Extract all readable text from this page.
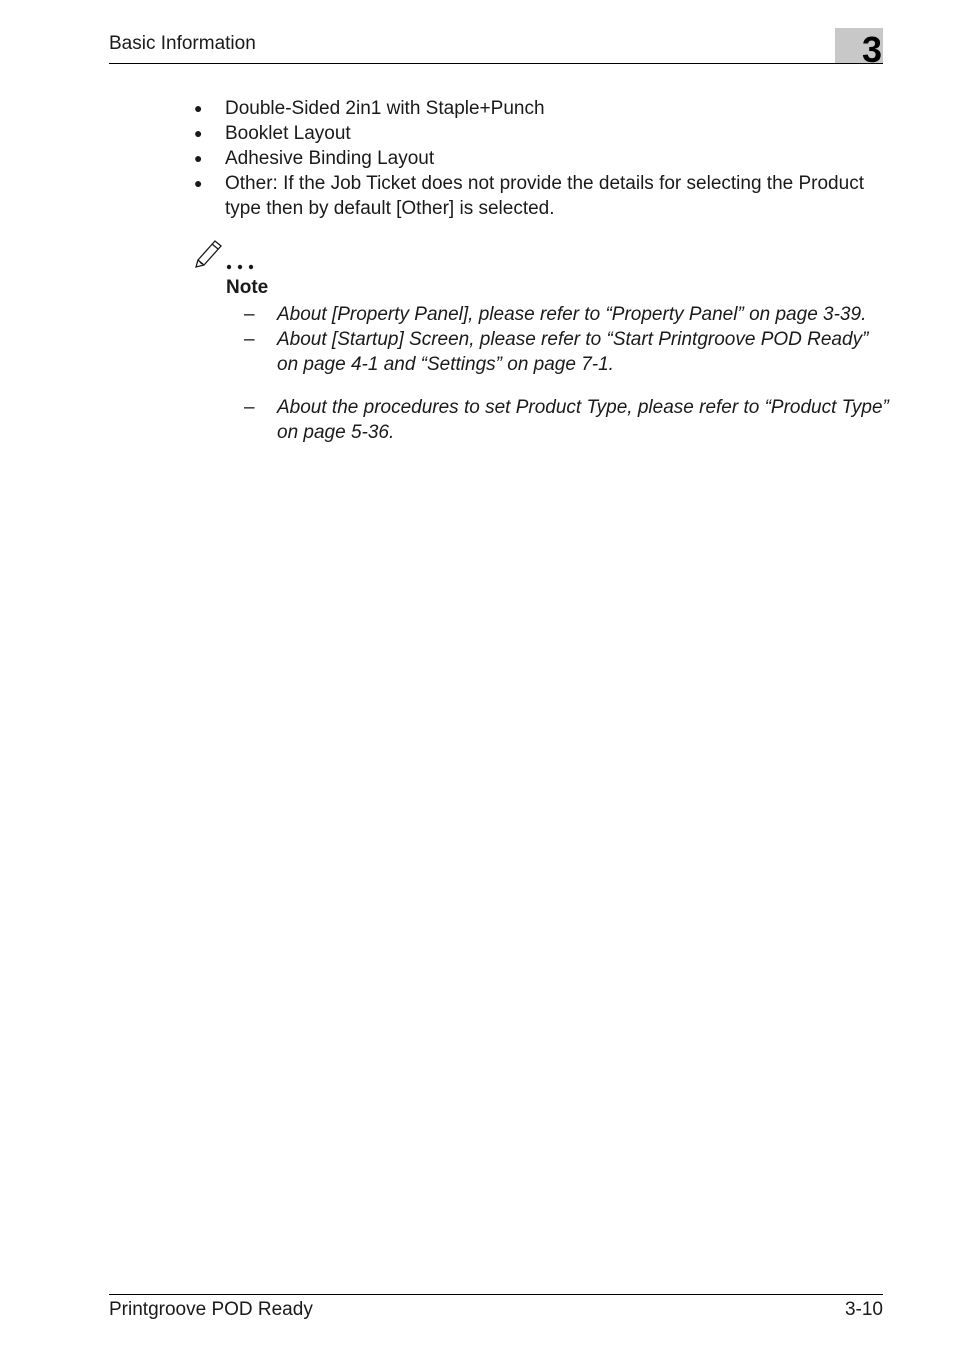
Basic Information	3
● Double-Sided 2in1 with Staple+Punch
● Booklet Layout
● Adhesive Binding Layout
● Other: If the Job Ticket does not provide the details for selecting the Product type then by default [Other] is selected.
Note
– About [Property Panel], please refer to “Property Panel” on page 3-39.
– About [Startup] Screen, please refer to “Start Printgroove POD Ready” on page 4-1 and “Settings” on page 7-1.
– About the procedures to set Product Type, please refer to “Product Type” on page 5-36.
Printgroove POD Ready	3-10
